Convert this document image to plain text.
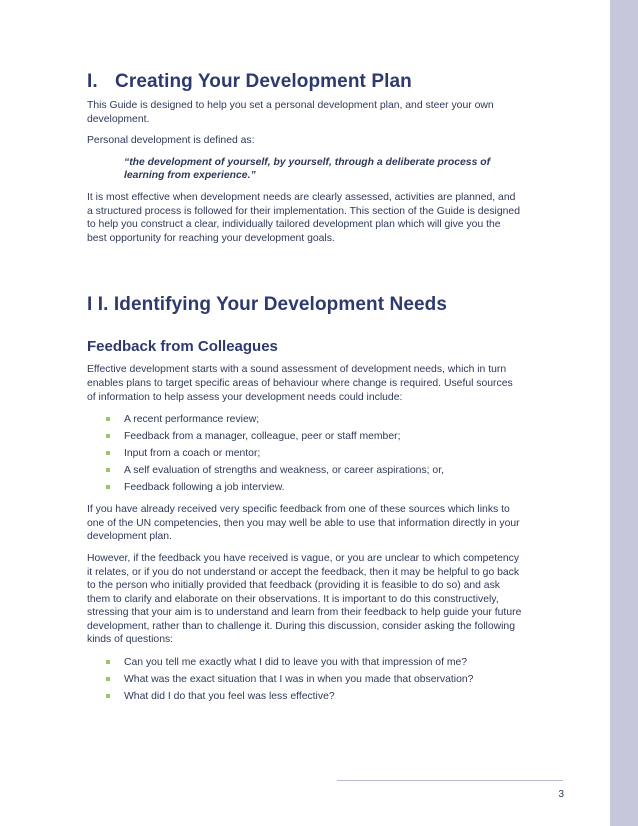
I. Creating Your Development Plan

This Guide is designed to help you set a personal development plan, and steer your own development.

Personal development is defined as:

“the development of yourself, by yourself, through a deliberate process of learning from experience.”

It is most effective when development needs are clearly assessed, activities are planned, and a structured process is followed for their implementation. This section of the Guide is designed to help you construct a clear, individually tailored development plan which will give you the best opportunity for reaching your development goals.

I I. Identifying Your Development Needs
Feedback from Colleagues

Effective development starts with a sound assessment of development needs, which in turn enables plans to target specific areas of behaviour where change is required. Useful sources of information to help assess your development needs could include:

A recent performance review;
Feedback from a manager, colleague, peer or staff member;
Input from a coach or mentor;
A self evaluation of strengths and weakness, or career aspirations; or,
Feedback following a job interview.

If you have already received very specific feedback from one of these sources which links to one of the UN competencies, then you may well be able to use that information directly in your development plan.

However, if the feedback you have received is vague, or you are unclear to which competency it relates, or if you do not understand or accept the feedback, then it may be helpful to go back to the person who initially provided that feedback (providing it is feasible to do so) and ask them to clarify and elaborate on their observations. It is important to do this constructively, stressing that your aim is to understand and learn from their feedback to help guide your future development, rather than to challenge it. During this discussion, consider asking the following kinds of questions:

Can you tell me exactly what I did to leave you with that impression of me?
What was the exact situation that I was in when you made that observation?
What did I do that you feel was less effective?
3
